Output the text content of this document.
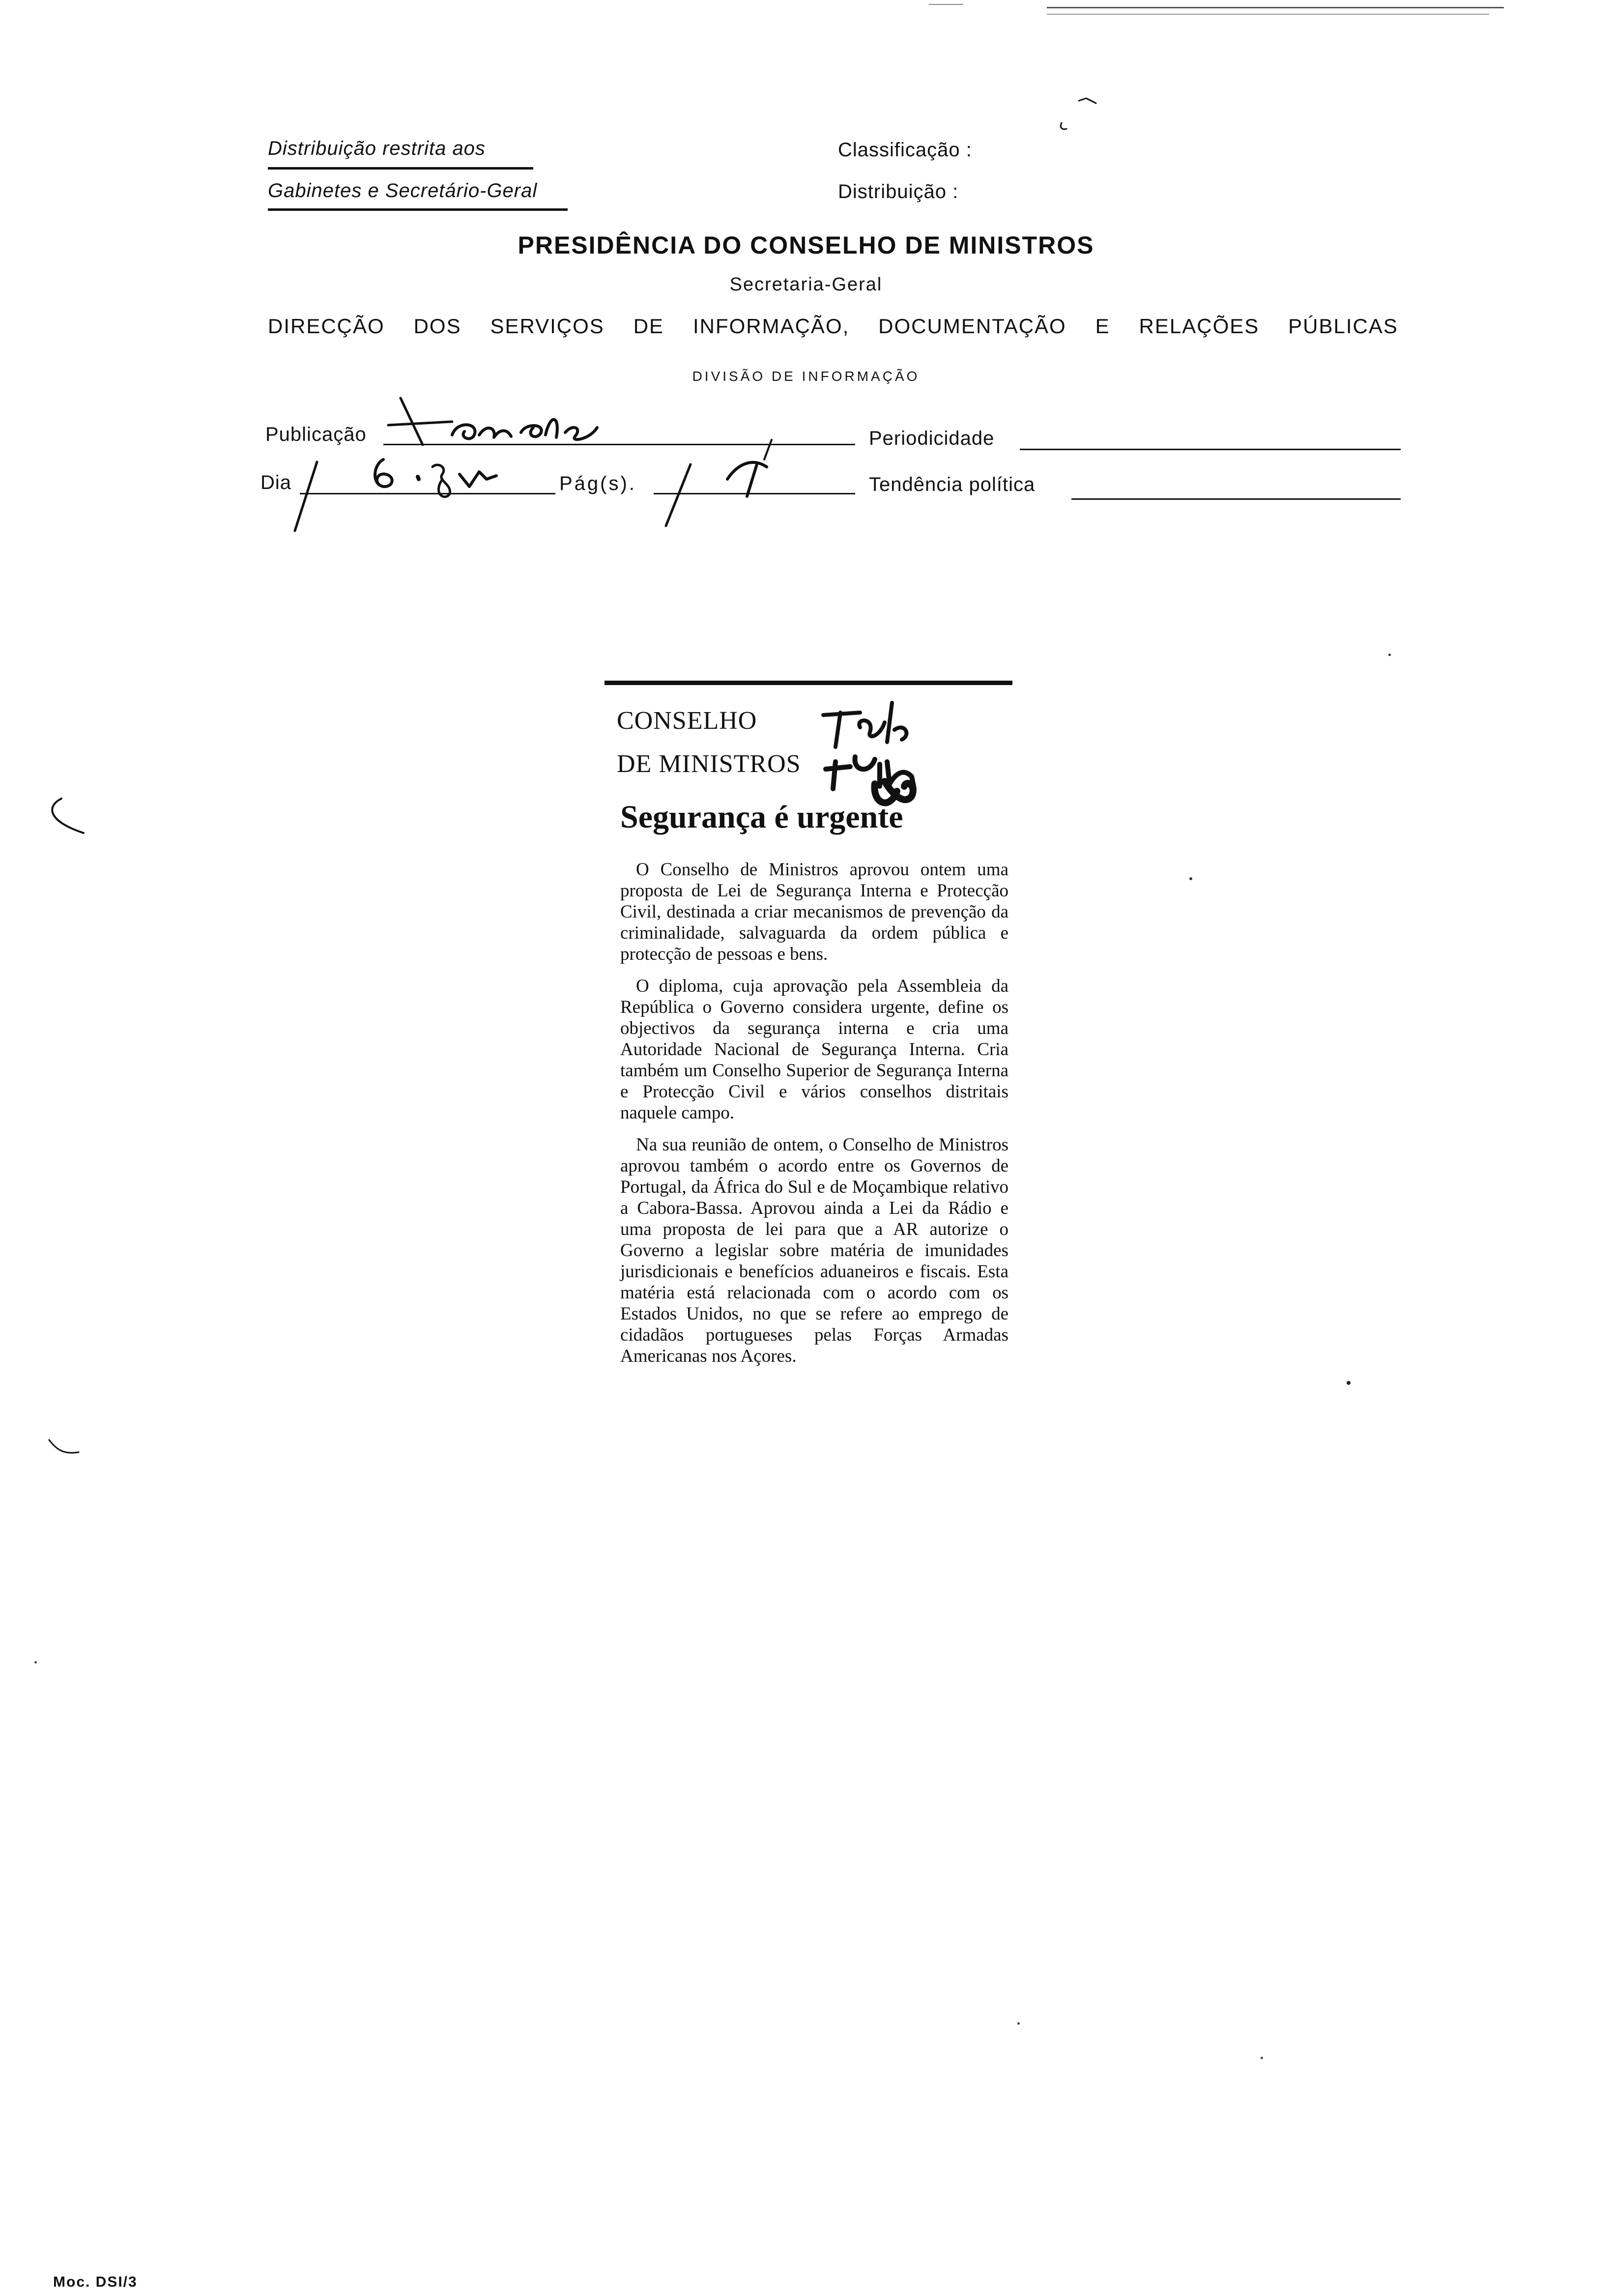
Distribuição restrita aos
Gabinetes e Secretário-Geral
Classificação :
Distribuição :
PRESIDÊNCIA DO CONSELHO DE MINISTROS
Secretaria-Geral
DIRECÇÃO DOS SERVIÇOS DE INFORMAÇÃO, DOCUMENTAÇÃO E RELAÇÕES PÚBLICAS
DIVISÃO DE INFORMAÇÃO
Publicação	Periodicidade
Dia	Pág(s).	Tendência política
CONSELHO
DE MINISTROS
Segurança é urgente

O Conselho de Ministros aprovou ontem uma proposta de Lei de Segurança Interna e Protecção Civil, destinada a criar mecanismos de prevenção da criminalidade, salvaguarda da ordem pública e protecção de pessoas e bens.

O diploma, cuja aprovação pela Assembleia da República o Governo considera urgente, define os objectivos da segurança interna e cria uma Autoridade Nacional de Segurança Interna. Cria também um Conselho Superior de Segurança Interna e Protecção Civil e vários conselhos distritais naquele campo.

Na sua reunião de ontem, o Conselho de Ministros aprovou também o acordo entre os Governos de Portugal, da África do Sul e de Moçambique relativo a Cabora-Bassa. Aprovou ainda a Lei da Rádio e uma proposta de lei para que a AR autorize o Governo a legislar sobre matéria de imunidades jurisdicionais e benefícios aduaneiros e fiscais. Esta matéria está relacionada com o acordo com os Estados Unidos, no que se refere ao emprego de cidadãos portugueses pelas Forças Armadas Americanas nos Açores.

Moc. DSI/3
